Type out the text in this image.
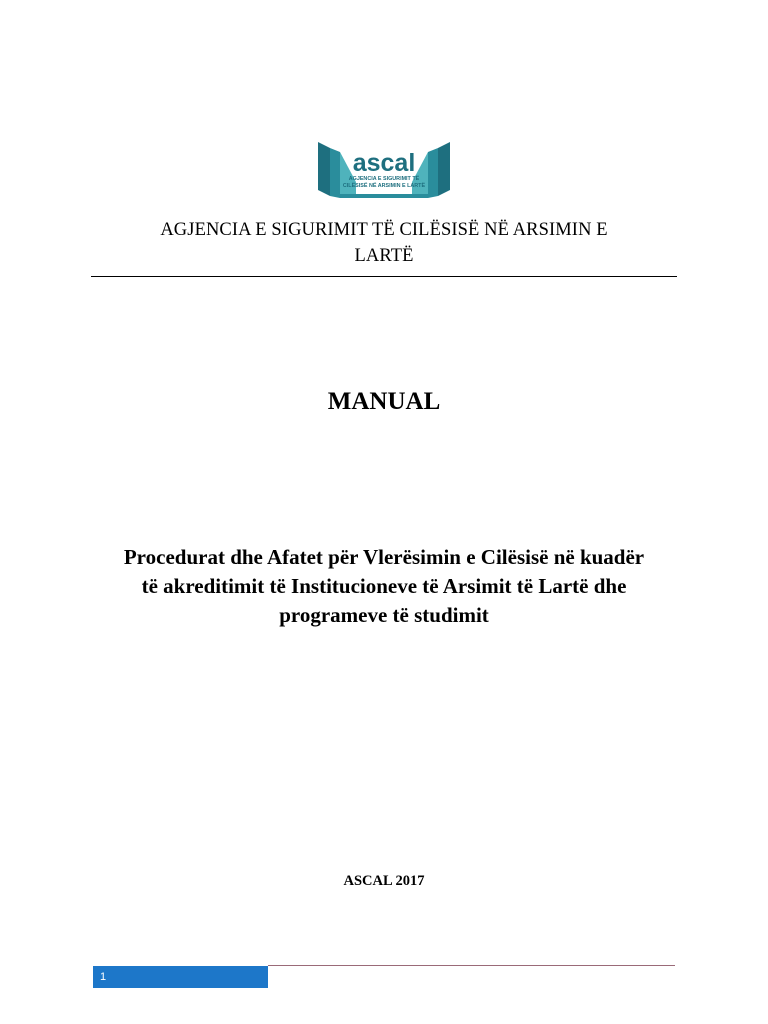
ascal
AGJENCIA E SIGURIMIT TË
CILËSISË NË ARSIMIN E LARTË
AGJENCIA E SIGURIMIT TË CILËSISË NË ARSIMIN E
LARTË
MANUAL
Procedurat dhe Afatet për Vlerësimin e Cilësisë në kuadër
të akreditimit të Institucioneve të Arsimit të Lartë dhe
programeve të studimit
ASCAL 2017
1
